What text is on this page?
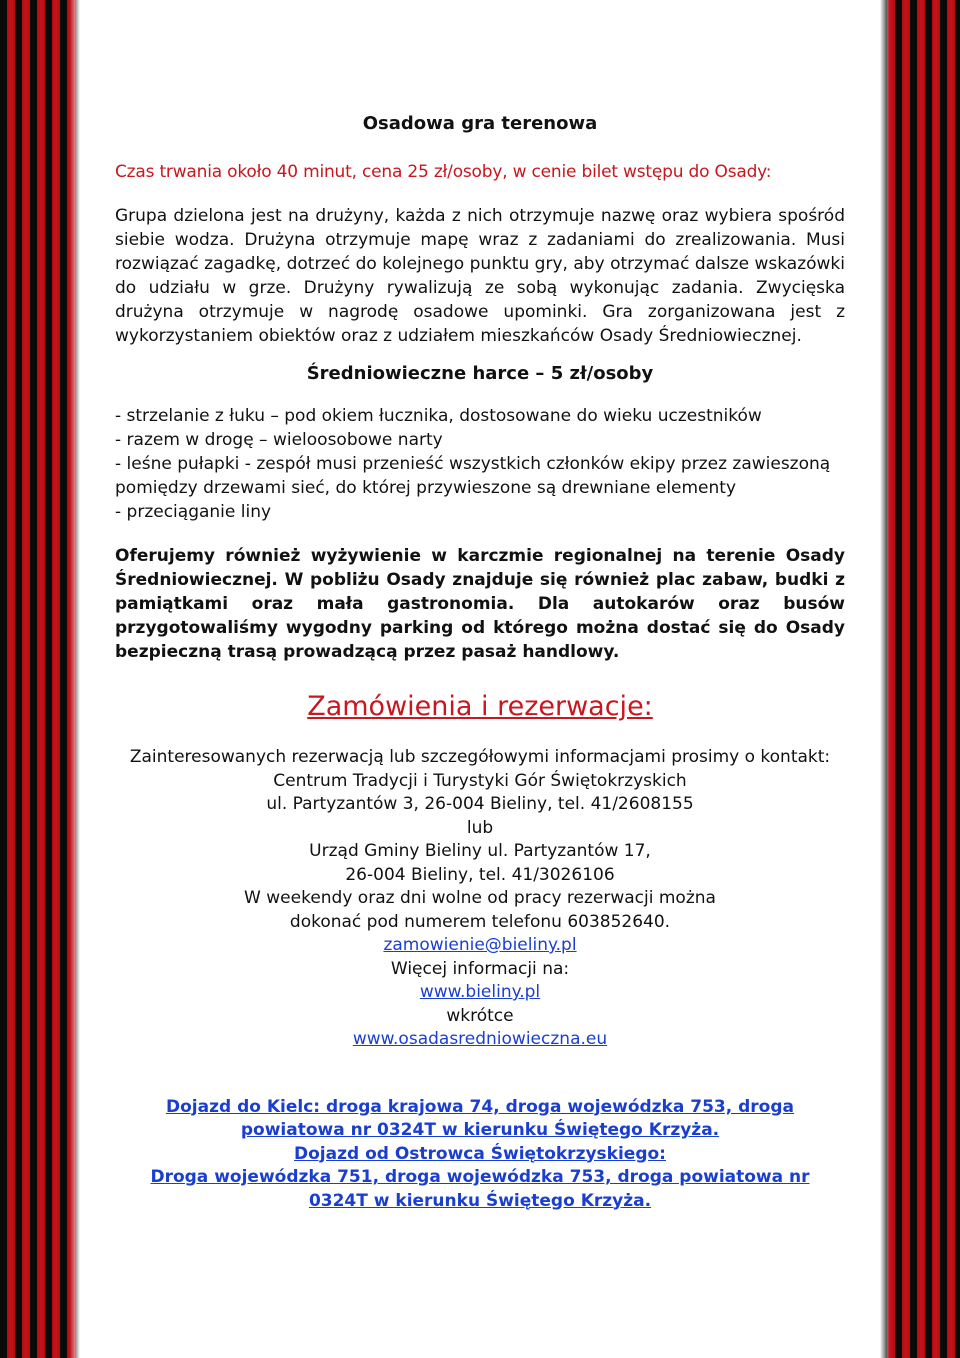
Osadowa gra terenowa
Czas trwania około 40 minut, cena 25 zł/osoby, w cenie bilet wstępu do Osady:
Grupa dzielona jest na drużyny, każda z nich otrzymuje nazwę oraz wybiera spośród siebie wodza. Drużyna otrzymuje mapę wraz z zadaniami do zrealizowania. Musi rozwiązać zagadkę, dotrzeć do kolejnego punktu gry, aby otrzymać dalsze wskazówki do udziału w grze. Drużyny rywalizują ze sobą wykonując zadania. Zwycięska drużyna otrzymuje w nagrodę osadowe upominki. Gra zorganizowana jest z wykorzystaniem obiektów oraz z udziałem mieszkańców Osady Średniowiecznej.
Średniowieczne harce – 5 zł/osoby
- strzelanie z łuku – pod okiem łucznika, dostosowane do wieku uczestników
- razem w drogę – wieloosobowe narty
- leśne pułapki - zespół musi przenieść wszystkich członków ekipy przez zawieszoną pomiędzy drzewami sieć, do której przywieszone są drewniane elementy
- przeciąganie liny
Oferujemy również wyżywienie w karczmie regionalnej na terenie Osady Średniowiecznej. W pobliżu Osady znajduje się również plac zabaw, budki z pamiątkami oraz mała gastronomia. Dla autokarów oraz busów przygotowaliśmy wygodny parking od którego można dostać się do Osady bezpieczną trasą prowadzącą przez pasaż handlowy.
Zamówienia i rezerwacje:
Zainteresowanych rezerwacją lub szczegółowymi informacjami prosimy o kontakt:
Centrum Tradycji i Turystyki Gór Świętokrzyskich
ul. Partyzantów 3, 26-004 Bieliny, tel. 41/2608155
lub
Urząd Gminy Bieliny ul. Partyzantów 17,
26-004 Bieliny, tel. 41/3026106
W weekendy oraz dni wolne od pracy rezerwacji można
dokonać pod numerem telefonu 603852640.
zamowienie@bieliny.pl
Więcej informacji na:
www.bieliny.pl
wkrótce
www.osadasredniowieczna.eu
Dojazd do Kielc: droga krajowa 74, droga wojewódzka 753, droga
powiatowa nr 0324T w kierunku Świętego Krzyża.
Dojazd od Ostrowca Świętokrzyskiego:
Droga wojewódzka 751, droga wojewódzka 753, droga powiatowa nr
0324T w kierunku Świętego Krzyża.
